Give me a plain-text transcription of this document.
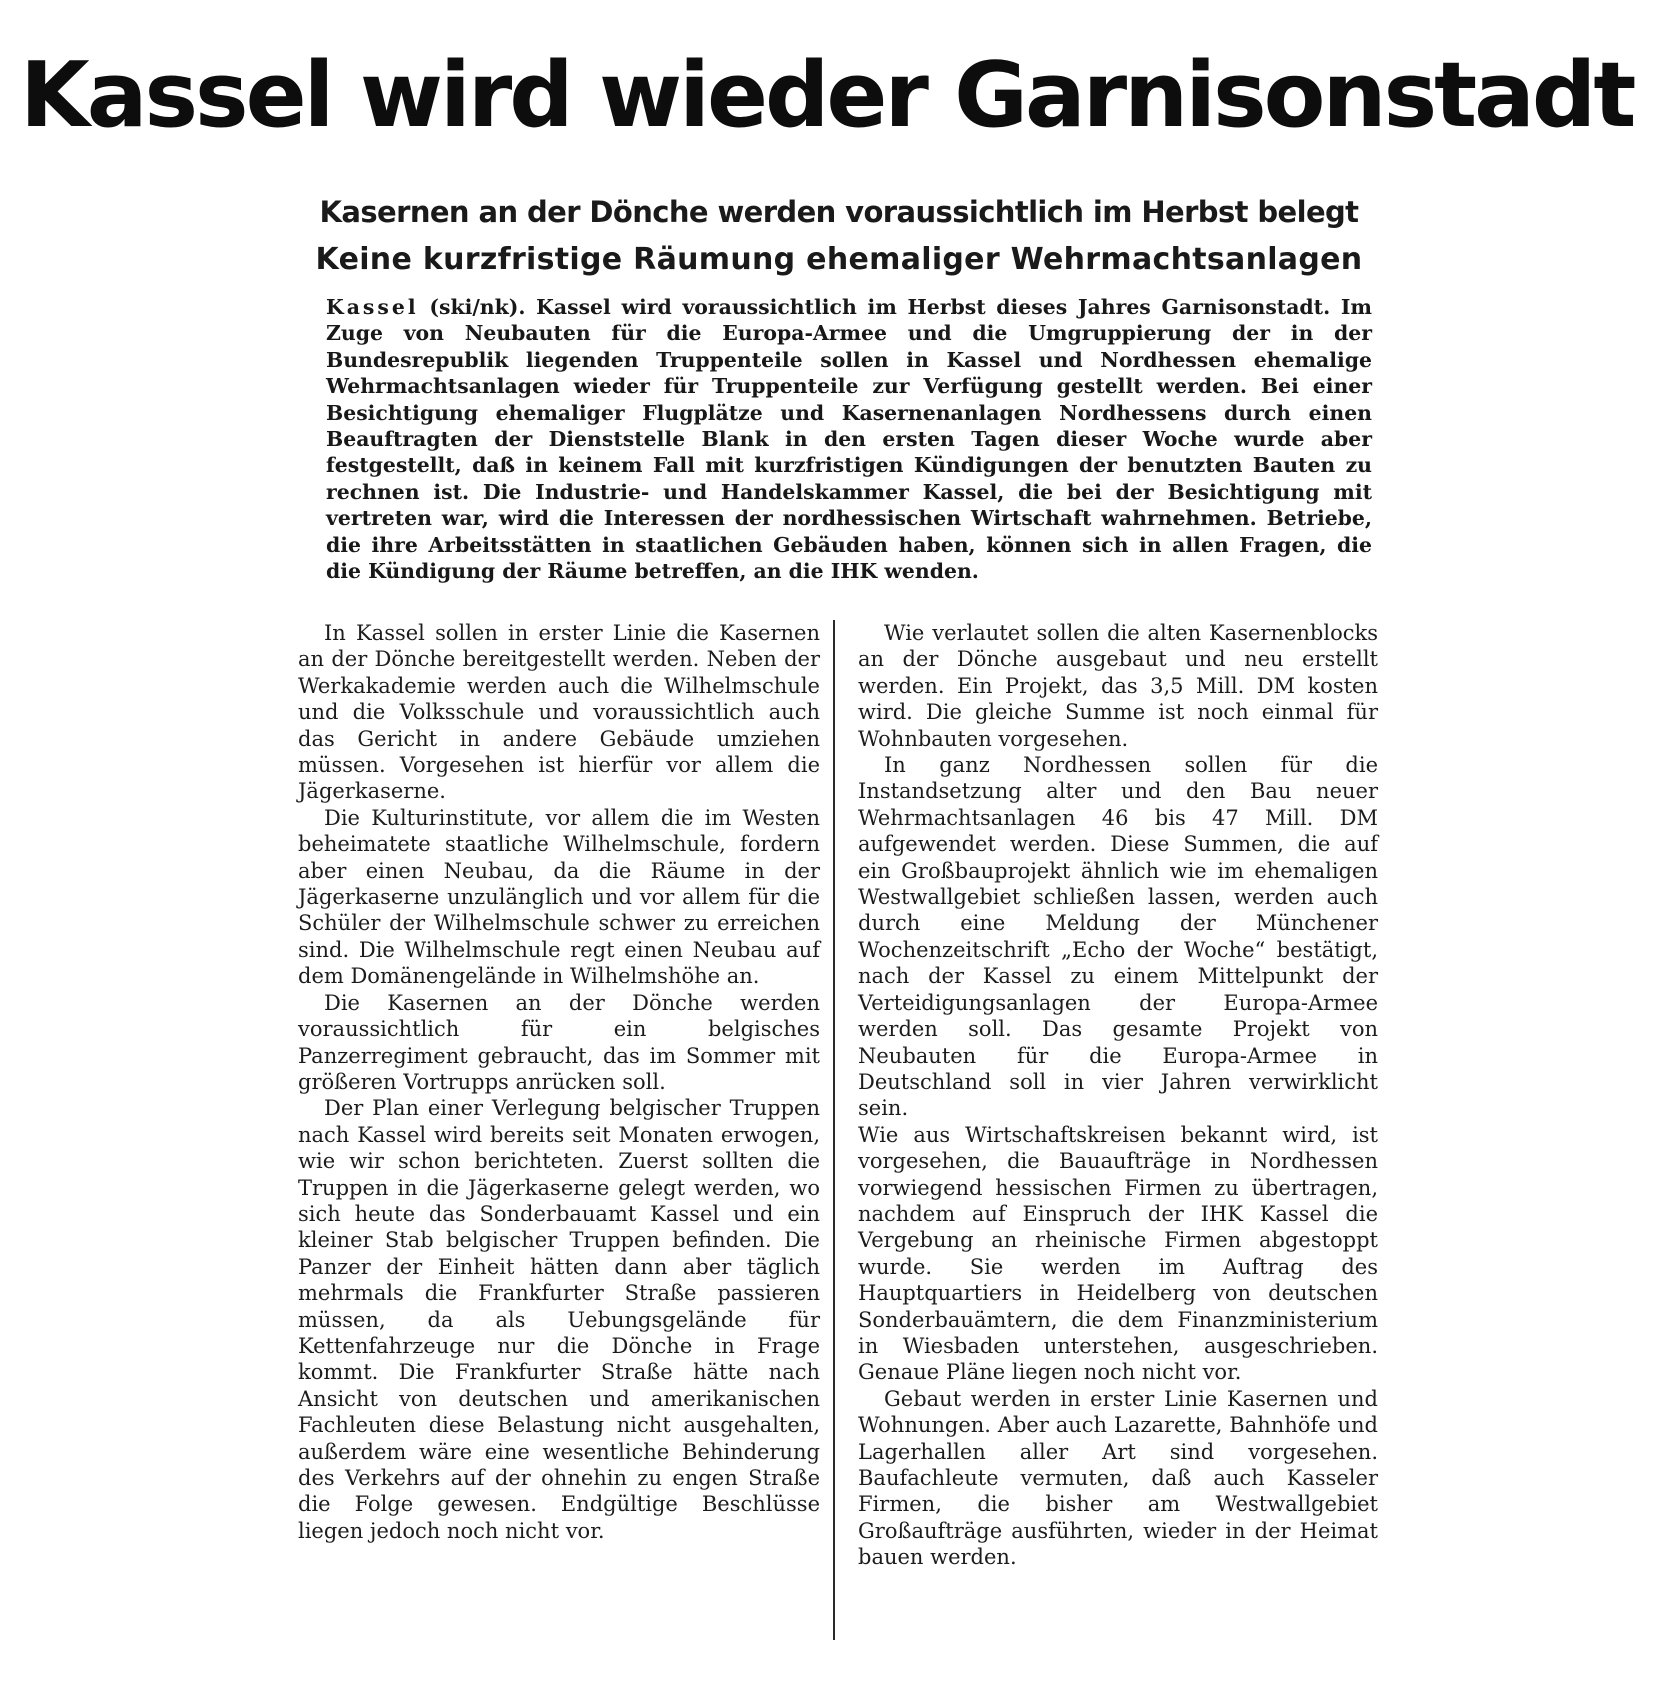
Kassel wird wieder Garnisonstadt
Kasernen an der Dönche werden voraussichtlich im Herbst belegt
Keine kurzfristige Räumung ehemaliger Wehrmachtsanlagen

Kassel (ski/nk). Kassel wird voraussichtlich im Herbst dieses Jahres Garnisonstadt. Im Zuge von Neubauten für die Europa-Armee und die Umgruppierung der in der Bundesrepublik liegenden Truppenteile sollen in Kassel und Nordhessen ehemalige Wehrmachtsanlagen wieder für Truppenteile zur Verfügung gestellt werden. Bei einer Besichtigung ehemaliger Flugplätze und Kasernenanlagen Nordhessens durch einen Beauftragten der Dienststelle Blank in den ersten Tagen dieser Woche wurde aber festgestellt, daß in keinem Fall mit kurzfristigen Kündigungen der benutzten Bauten zu rechnen ist. Die Industrie- und Handelskammer Kassel, die bei der Besichtigung mit vertreten war, wird die Interessen der nordhessischen Wirtschaft wahrnehmen. Betriebe, die ihre Arbeitsstätten in staatlichen Gebäuden haben, können sich in allen Fragen, die die Kündigung der Räume betreffen, an die IHK wenden.

In Kassel sollen in erster Linie die Kasernen an der Dönche bereitgestellt werden. Neben der Werkakademie werden auch die Wilhelmschule und die Volksschule und voraussichtlich auch das Gericht in andere Gebäude umziehen müssen. Vorgesehen ist hierfür vor allem die Jägerkaserne.

Die Kulturinstitute, vor allem die im Westen beheimatete staatliche Wilhelmschule, fordern aber einen Neubau, da die Räume in der Jägerkaserne unzulänglich und vor allem für die Schüler der Wilhelmschule schwer zu erreichen sind. Die Wilhelmschule regt einen Neubau auf dem Domänengelände in Wilhelmshöhe an.

Die Kasernen an der Dönche werden voraussichtlich für ein belgisches Panzerregiment gebraucht, das im Sommer mit größeren Vortrupps anrücken soll.

Der Plan einer Verlegung belgischer Truppen nach Kassel wird bereits seit Monaten erwogen, wie wir schon berichteten. Zuerst sollten die Truppen in die Jägerkaserne gelegt werden, wo sich heute das Sonderbauamt Kassel und ein kleiner Stab belgischer Truppen befinden. Die Panzer der Einheit hätten dann aber täglich mehrmals die Frankfurter Straße passieren müssen, da als Uebungsgelände für Kettenfahrzeuge nur die Dönche in Frage kommt. Die Frankfurter Straße hätte nach Ansicht von deutschen und amerikanischen Fachleuten diese Belastung nicht ausgehalten, außerdem wäre eine wesentliche Behinderung des Verkehrs auf der ohnehin zu engen Straße die Folge gewesen. Endgültige Beschlüsse liegen jedoch noch nicht vor.

Wie verlautet sollen die alten Kasernenblocks an der Dönche ausgebaut und neu erstellt werden. Ein Projekt, das 3,5 Mill. DM kosten wird. Die gleiche Summe ist noch einmal für Wohnbauten vorgesehen.

In ganz Nordhessen sollen für die Instandsetzung alter und den Bau neuer Wehrmachtsanlagen 46 bis 47 Mill. DM aufgewendet werden. Diese Summen, die auf ein Großbauprojekt ähnlich wie im ehemaligen Westwallgebiet schließen lassen, werden auch durch eine Meldung der Münchener Wochenzeitschrift „Echo der Woche“ bestätigt, nach der Kassel zu einem Mittelpunkt der Verteidigungsanlagen der Europa-Armee werden soll. Das gesamte Projekt von Neubauten für die Europa-Armee in Deutschland soll in vier Jahren verwirklicht sein.

Wie aus Wirtschaftskreisen bekannt wird, ist vorgesehen, die Bauaufträge in Nordhessen vorwiegend hessischen Firmen zu übertragen, nachdem auf Einspruch der IHK Kassel die Vergebung an rheinische Firmen abgestoppt wurde. Sie werden im Auftrag des Hauptquartiers in Heidelberg von deutschen Sonderbauämtern, die dem Finanzministerium in Wiesbaden unterstehen, ausgeschrieben. Genaue Pläne liegen noch nicht vor.

Gebaut werden in erster Linie Kasernen und Wohnungen. Aber auch Lazarette, Bahnhöfe und Lagerhallen aller Art sind vorgesehen. Baufachleute vermuten, daß auch Kasseler Firmen, die bisher am Westwallgebiet Großaufträge ausführten, wieder in der Heimat bauen werden.
